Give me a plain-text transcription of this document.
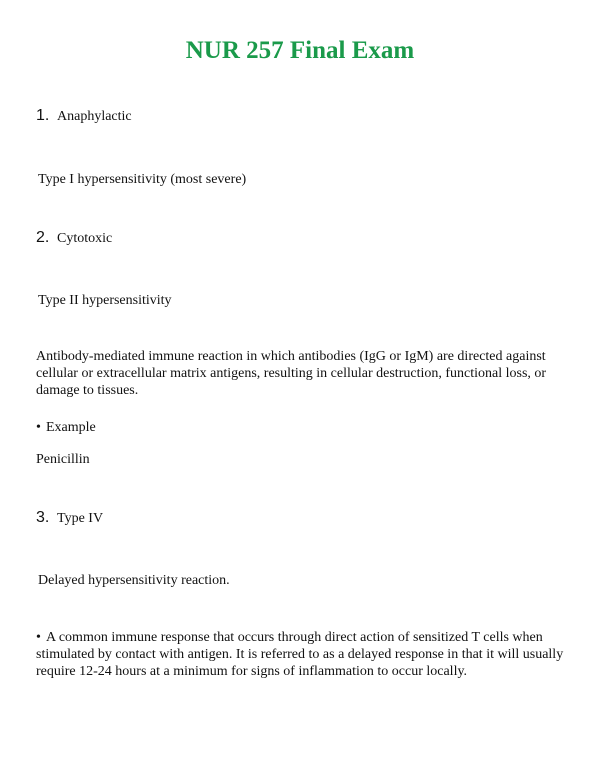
NUR 257 Final Exam
1. Anaphylactic
Type I hypersensitivity (most severe)
2. Cytotoxic
Type II hypersensitivity
Antibody-mediated immune reaction in which antibodies (IgG or IgM) are directed against cellular or extracellular matrix antigens, resulting in cellular destruction, functional loss, or damage to tissues.
• Example
Penicillin
3. Type IV
Delayed hypersensitivity reaction.
• A common immune response that occurs through direct action of sensitized T cells when stimulated by contact with antigen. It is referred to as a delayed response in that it will usually require 12-24 hours at a minimum for signs of inflammation to occur locally.
